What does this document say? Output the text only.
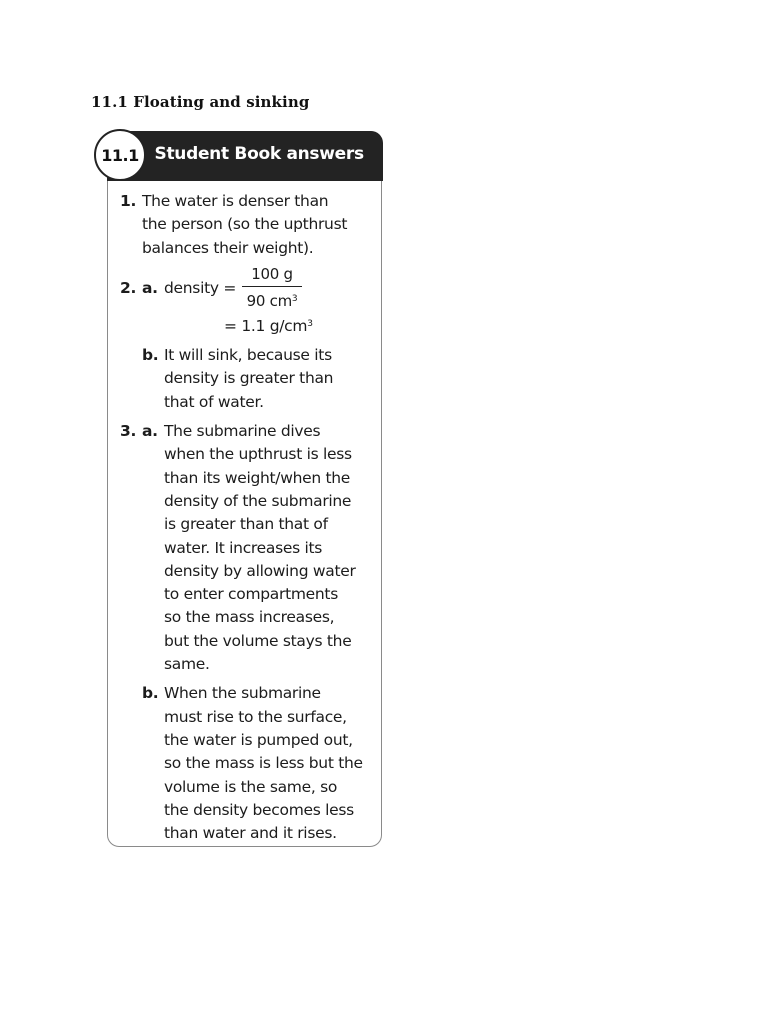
11.1 Floating and sinking
Student Book answers
11.1
1. The water is denser than
the person (so the upthrust
balances their weight).
2. a. density =
100 g
90 $cm^3$
= 1.1 $g/cm^3$
b. It will sink, because its
density is greater than
that of water.
3. a. The submarine dives
when the upthrust is less
than its weight/when the
density of the submarine
is greater than that of
water. It increases its
density by allowing water
to enter compartments
so the mass increases,
but the volume stays the
same.
b. When the submarine
must rise to the surface,
the water is pumped out,
so the mass is less but the
volume is the same, so
the density becomes less
than water and it rises.
